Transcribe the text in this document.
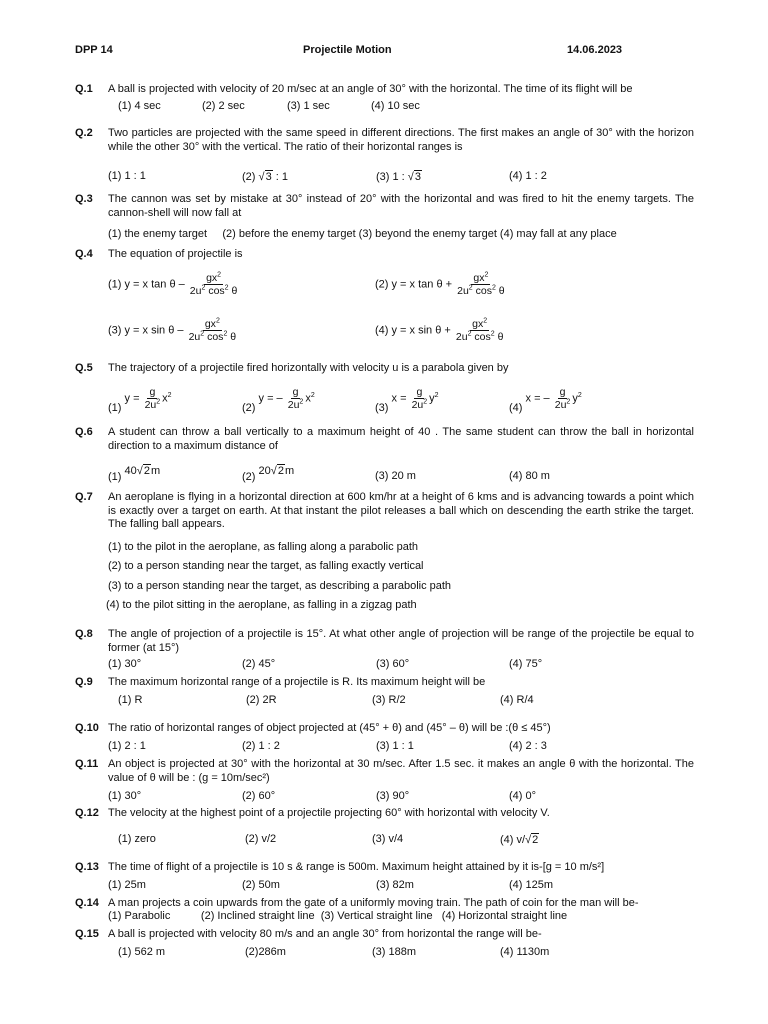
DPP 14	Projectile Motion	14.06.2023
Q.1	A ball is projected with velocity of 20 m/sec at an angle of 30° with the horizontal. The time of its flight will be
(1) 4 sec	(2) 2 sec	(3) 1 sec	(4) 10 sec
Q.2	Two particles are projected with the same speed in different directions. The first makes an angle of 30° with the horizon while the other 30° with the vertical. The ratio of their horizontal ranges is
(1) 1 : 1	(2) √3 : 1	(3) 1 : √3	(4) 1 : 2
Q.3	The cannon was set by mistake at 30° instead of 20° with the horizontal and was fired to hit the enemy targets. The cannon-shell will now fall at
(1) the enemy target     (2) before the enemy target (3) beyond the enemy target (4) may fall at any place
Q.4	The equation of projectile is
(1) y = x tan θ – $\frac{gx^2}{2u^2 \cos^2 \theta}$	(2) y = x $\tan \theta + \frac{gx^2}{2u^2 \cos^2 \theta}$
(3) y = x sin θ – $\frac{gx^2}{2u^2 \cos^2 \theta}$	(4) y = x $\sin \theta + \frac{gx^2}{2u^2 \cos^2 \theta}$
Q.5	The trajectory of a projectile fired horizontally with velocity u is a parabola given by
(1) $y = \frac{g}{2u^2} x^2$
(2) y = – $\frac{g}{2u^2} x^2$
(3) $x = \frac{g}{2u^2} y^2$
(4) x = – $\frac{g}{2u^2} y^2$
Q.6	A student can throw a ball vertically to a maximum height of 40 . The same student can throw the ball in horizontal direction to a maximum distance of
(1) 40√2m	(2) 20√2m	(3) 20 m	(4) 80 m
Q.7	An aeroplane is flying in a horizontal direction at 600 km/hr at a height of 6 kms and is advancing towards a point which is exactly over a target on earth. At that instant the pilot releases a ball which on descending the earth strike the target. The falling ball appears.
(1) to the pilot in the aeroplane, as falling along a parabolic path
(2) to a person standing near the target, as falling exactly vertical
(3) to a person standing near the target, as describing a parabolic path
(4) to the pilot sitting in the aeroplane, as falling in a zigzag path
Q.8	The angle of projection of a projectile is 15°. At what other angle of projection will be range of the projectile be equal to former (at 15°)
(1) 30°	(2) 45°	(3) 60°	(4) 75°
Q.9	The maximum horizontal range of a projectile is R. Its maximum height will be
(1) R	(2) 2R	(3) R/2	(4) R/4
Q.10 The ratio of horizontal ranges of object projected at (45° + θ) and (45° – θ) will be :(θ ≤ 45°)
(1) 2 : 1	(2) 1 : 2	(3) 1 : 1	(4) 2 : 3
Q.11 An object is projected at 30° with the horizontal at 30 m/sec. After 1.5 sec. it makes an angle θ with the horizontal. The value of θ will be : (g = 10m/sec²)
(1) 30°	(2) 60°	(3) 90°	(4) 0°
Q.12 The velocity at the highest point of a projectile projecting 60° with horizontal with velocity V.
(1) zero	(2) v/2	(3) v/4	(4) v/√2
Q.13 The time of flight of a projectile is 10 s & range is 500m. Maximum height attained by it is-[g = 10 m/s²]
(1) 25m	(2) 50m	(3) 82m	(4) 125m
Q.14 A man projects a coin upwards from the gate of a uniformly moving train. The path of coin for the man will be-
(1) Parabolic          (2) Inclined straight line  (3) Vertical straight line   (4) Horizontal straight line
Q.15 A ball is projected with velocity 80 m/s and an angle 30° from horizontal the range will be-
(1) 562 m	(2)286m	(3) 188m	(4) 1130m
